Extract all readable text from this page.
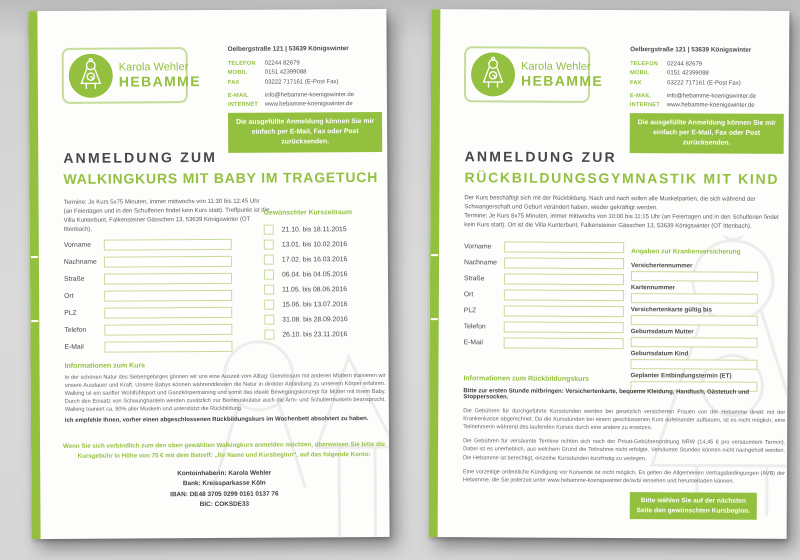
Karola Wehler
HEBAMME
Oelbergstraße 121 | 53639 Königswinter
TELEFON	02244 82679
MOBIL	0151 42399088
FAX	03222 717161 (E-Post Fax)
E-MAIL	info@hebamme-koenigswinter.de
INTERNET	www.hebamme-koenigswinter.de
Die ausgefüllte Anmeldung können Sie mir einfach per E-Mail, Fax oder Post zurücksenden.
ANMELDUNG ZUM
WALKINGKURS MIT BABY IM TRAGETUCH
Termine: Je Kurs 5x75 Minuten, immer mittwochs von 11:30 bis 12:45 Uhr (an Feiertagen und in den Schulferien findet kein Kurs statt). Treffpunkt ist die Villa Kunterbunt, Falkensteiner Gässchen 13, 53639 Königswinter (OT Ittenbach).
Vorname
Nachname
Straße
Ort
PLZ
Telefon
E-Mail
Gewünschter Kurszeitraum
21.10. bis 18.11.2015
13.01. bis 10.02.2016
17.02. bis 16.03.2016
06.04. bis 04.05.2016
11.05. bis 08.06.2016
15.06. bis 13.07.2016
31.08. bis 28.09.2016
26.10. bis 23.11.2016
Informationen zum Kurs
In der schönen Natur des Siebengebirges gönnen wir uns eine Auszeit vom Alltag: Gemeinsam mit anderen Müttern trainieren wir unsere Ausdauer und Kraft. Unsere Babys können währenddessen die Natur in direkter Anbindung zu unserem Körper erfahren. Walking ist ein sanfter Wohlfühlsport und Ganzkörpertraining und somit das ideale Bewegungskonzept für Mütter mit ihrem Baby. Durch den Einsatz von Schwunghanteln werden zusätzlich zur Beinmuskulatur auch die Arm- und Schultermuskeln beansprucht. Walking trainiert ca. 90% aller Muskeln und unterstützt die Rückbildung.
Ich empfehle Ihnen, vorher einen abgeschlossenen Rückbildungskurs im Wochenbett absolviert zu haben.
Wenn Sie sich verbindlich zum den oben gewählten Walkingkurs anmelden möchten, überweisen Sie bitte die Kursgebühr in Höhe von 75 € mit dem Betreff: „Ihr Name und Kursbeginn“, auf das folgende Konto:
Kontoinhaberin: Karola Wehler
Bank: Kreissparkasse Köln
IBAN: DE48 3705 0299 0161 0137 76
BIC: COKSDE33
Karola Wehler
HEBAMME
Oelbergstraße 121 | 53639 Königswinter
TELEFON	02244 82679
MOBIL	0151 42399088
FAX	03222 717161 (E-Post Fax)
E-MAIL	info@hebamme-koenigswinter.de
INTERNET	www.hebamme-koenigswinter.de
Die ausgefüllte Anmeldung können Sie mir einfach per E-Mail, Fax oder Post zurücksenden.
ANMELDUNG ZUR
RÜCKBILDUNGSGYMNASTIK MIT KIND
Der Kurs beschäftigt sich mit der Rückbildung. Nach und nach sollen alle Muskelpartien, die sich während der Schwangerschaft und Geburt verändert haben, wieder gekräftigt werden.
Termine: Je Kurs 8x75 Minuten, immer mittwochs von 10:00 bis 11:15 Uhr (an Feiertagen und in den Schulferien findet kein Kurs statt). Ort ist die Villa Kunterbunt, Falkensteiner Gässchen 13, 53639 Königswinter (OT Ittenbach).
Vorname
Nachname
Straße
Ort
PLZ
Telefon
E-Mail
Angaben zur Krankenversicherung
Versichertennummer
Kartennummer
Versichertenkarte gültig bis
Geburtsdatum Mutter
Geburtsdatum Kind
Geplanter Entbindungstermin (ET)
Informationen zum Rückbildungskurs
Bitte zur ersten Stunde mitbringen: Versichertenkarte, bequeme Kleidung, Handtuch, Gästetuch und Stoppersocken.

Die Gebühren für durchgeführte Kursstunden werden bei gesetzlich versicherten Frauen von der Hebamme direkt mit der Krankenkasse abgerechnet. Da die Kursstunden bei einem geschlossenen Kurs aufeinander aufbauen, ist es nicht möglich, eine Teilnehmerin während des laufenden Kurses durch eine andere zu ersetzen.

Die Gebühren für versäumte Termine richten sich nach der Privat-Gebührenordnung NRW (14,45 € pro versäumtem Termin). Dabei ist es unerheblich, aus welchem Grund die Teilnahme nicht erfolgte. Versäumte Stunden können nicht nachgeholt werden. Die Hebamme ist berechtigt, einzelne Kursstunden kurzfristig zu verlegen.

Eine vorzeitige ordentliche Kündigung vor Kursende ist nicht möglich. Es gelten die Allgemeinen Vertragsbedingungen (AVB) der Hebamme, die Sie jederzeit unter www.hebamme-koenigswinter.de/avb/ einsehen und herunterladen können.

Bitte wählen Sie auf der nächsten Seite den gewünschten Kursbeginn.
